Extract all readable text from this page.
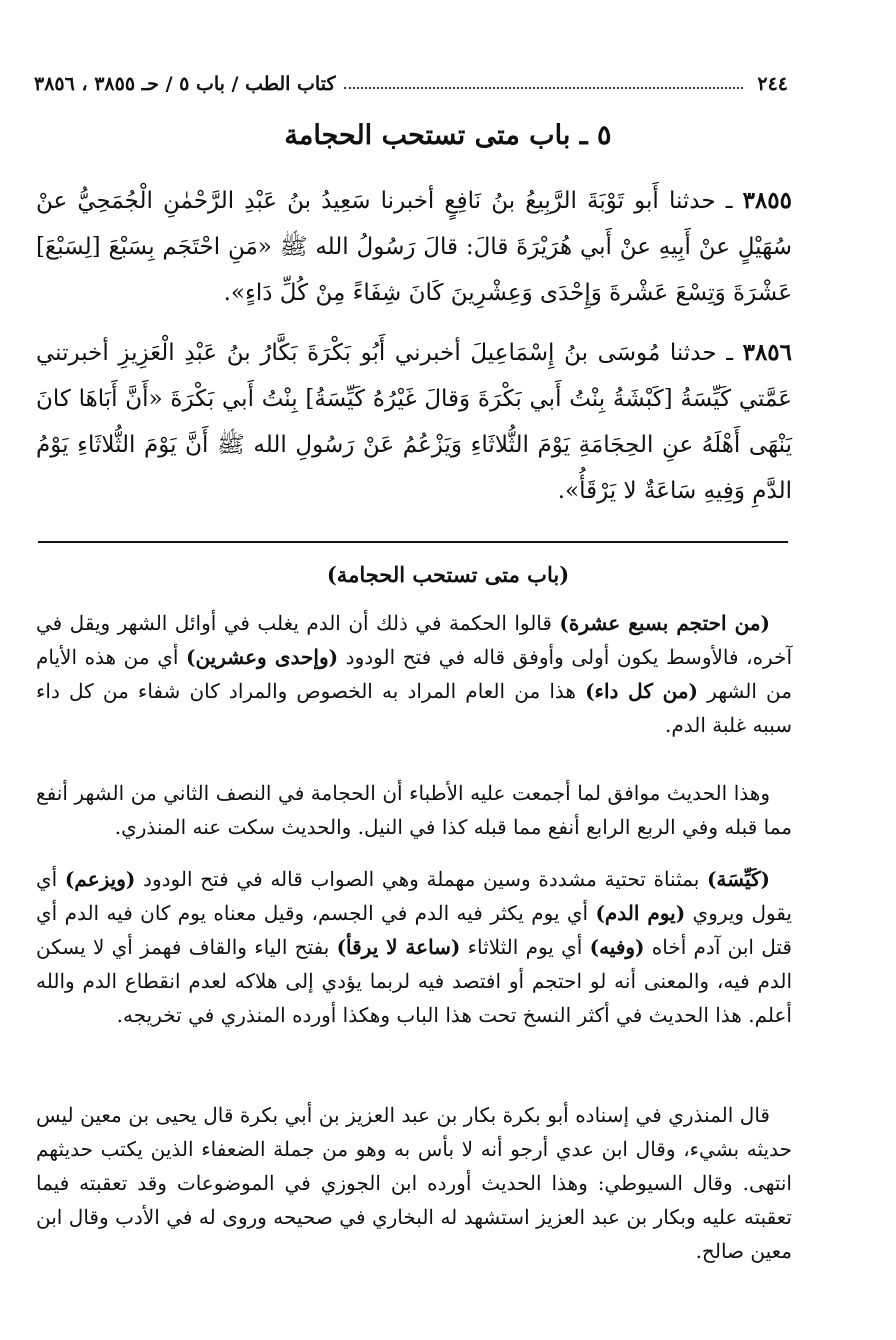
٢٤٤
كتاب الطب / باب ٥ / حـ ٣٨٥٥ ، ٣٨٥٦
٥ ـ باب متى تستحب الحجامة
٣٨٥٥ ـ حدثنا أَبو تَوْبَةَ الرَّبِيعُ بنُ نَافِعٍ أخبرنا سَعِيدُ بنُ عَبْدِ الرَّحْمٰنِ الْجُمَحِيُّ عنْ سُهَيْلٍ عنْ أَبِيهِ عنْ أَبي هُرَيْرَةَ قالَ: قالَ رَسُولُ الله ﷺ «مَنِ احْتَجَم بِسَبْعَ [لِسَبْعَ] عَشْرَةَ وَتِسْعَ عَشْرةَ وَإِحْدَى وَعِشْرِينَ كَانَ شِفَاءً مِنْ كُلِّ دَاءٍ».
٣٨٥٦ ـ حدثنا مُوسَى بنُ إِسْمَاعِيلَ أخبرني أَبُو بَكْرَةَ بَكَّارُ بنُ عَبْدِ الْعَزِيزِ أخبرتني عَمَّتي كَيِّسَةُ [كَبْشَةُ بِنْتُ أَبي بَكْرَةَ وَقالَ غَيْرُهُ كَيِّسَةُ] بِنْتُ أَبي بَكْرَةَ «أَنَّ أَبَاهَا كانَ يَنْهَى أَهْلَهُ عنِ الحِجَامَةِ يَوْمَ الثُّلاثَاءِ وَيَزْعُمُ عَنْ رَسُولِ الله ﷺ أَنَّ يَوْمَ الثُّلاثَاءِ يَوْمُ الدَّمِ وَفِيهِ سَاعَةٌ لا يَرْقَأُ».
(باب متى تستحب الحجامة)
(من احتجم بسبع عشرة) قالوا الحكمة في ذلك أن الدم يغلب في أوائل الشهر ويقل في آخره، فالأوسط يكون أولى وأوفق قاله في فتح الودود (وإحدى وعشرين) أي من هذه الأيام من الشهر (من كل داء) هذا من العام المراد به الخصوص والمراد كان شفاء من كل داء سببه غلبة الدم.
وهذا الحديث موافق لما أجمعت عليه الأطباء أن الحجامة في النصف الثاني من الشهر أنفع مما قبله وفي الربع الرابع أنفع مما قبله كذا في النيل. والحديث سكت عنه المنذري.
(كَيِّسَة) بمثناة تحتية مشددة وسين مهملة وهي الصواب قاله في فتح الودود (ويزعم) أي يقول ويروي (يوم الدم) أي يوم يكثر فيه الدم في الجسم، وقيل معناه يوم كان فيه الدم أي قتل ابن آدم أخاه (وفيه) أي يوم الثلاثاء (ساعة لا يرقأ) بفتح الياء والقاف فهمز أي لا يسكن الدم فيه، والمعنى أنه لو احتجم أو افتصد فيه لربما يؤدي إلى هلاكه لعدم انقطاع الدم والله أعلم. هذا الحديث في أكثر النسخ تحت هذا الباب وهكذا أورده المنذري في تخريجه.
قال المنذري في إسناده أبو بكرة بكار بن عبد العزيز بن أبي بكرة قال يحيى بن معين ليس حديثه بشيء، وقال ابن عدي أرجو أنه لا بأس به وهو من جملة الضعفاء الذين يكتب حديثهم انتهى. وقال السيوطي: وهذا الحديث أورده ابن الجوزي في الموضوعات وقد تعقبته فيما تعقبته عليه وبكار بن عبد العزيز استشهد له البخاري في صحيحه وروى له في الأدب وقال ابن معين صالح.
